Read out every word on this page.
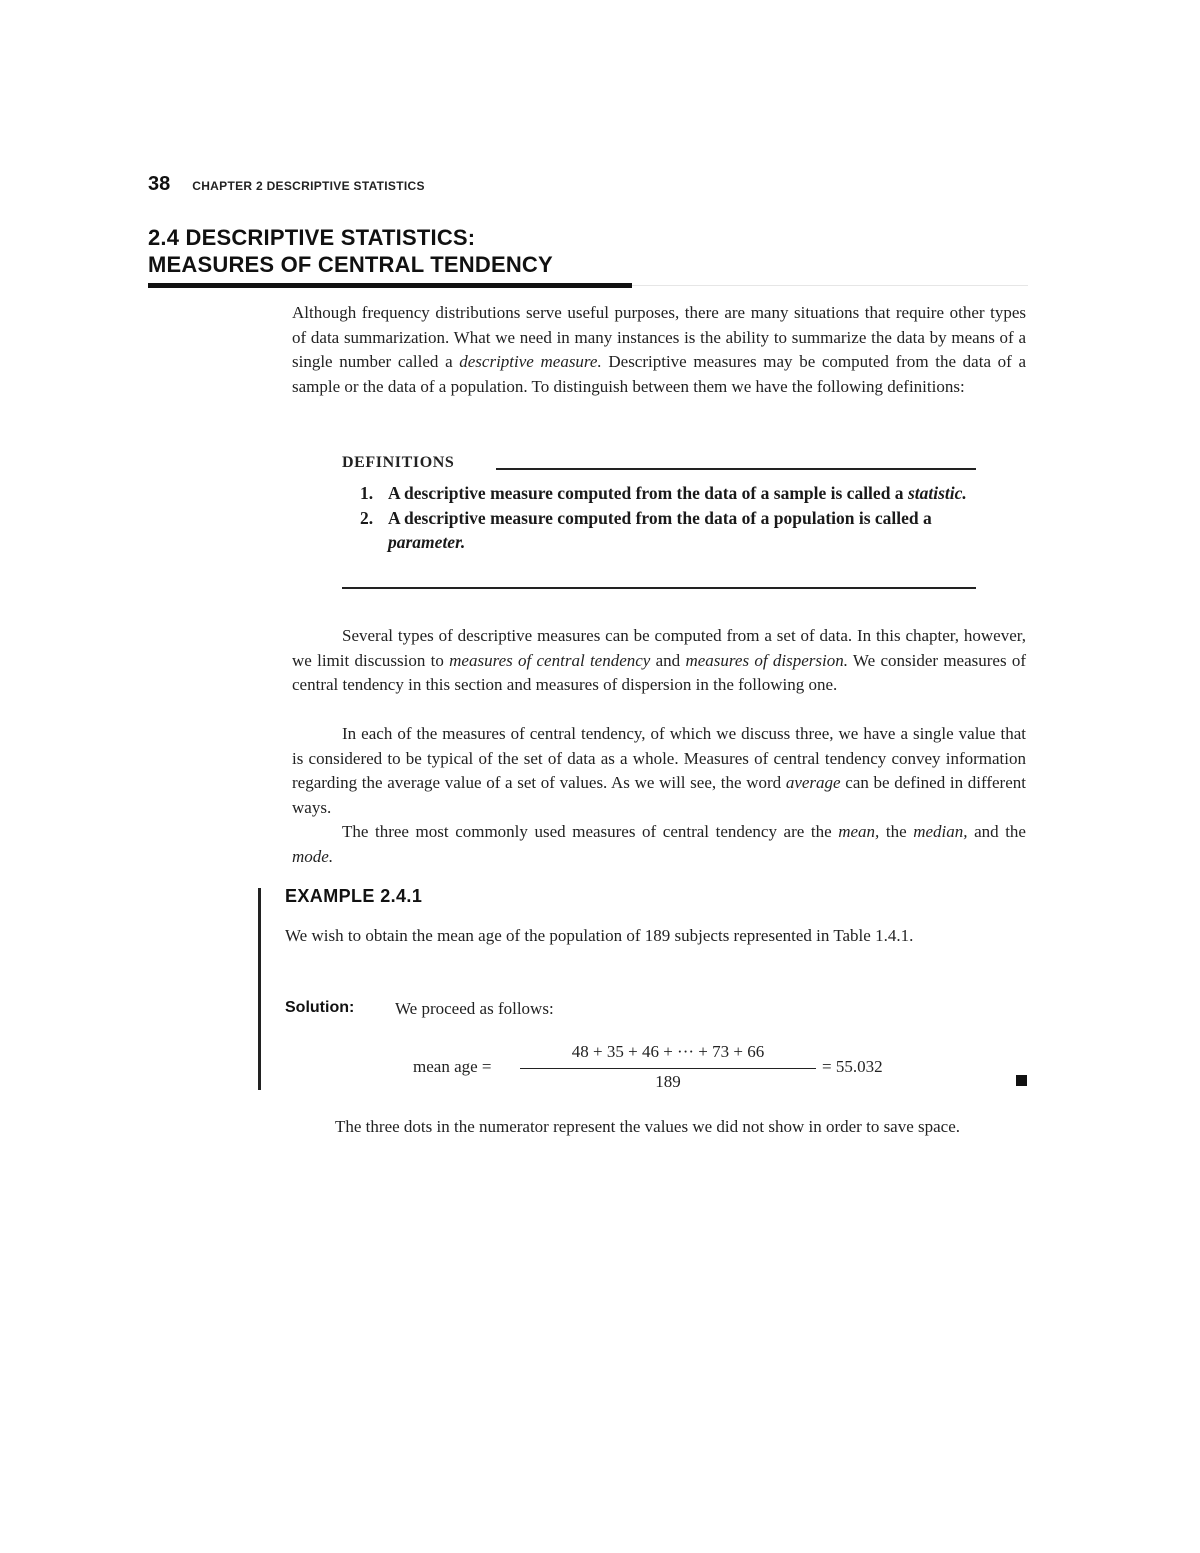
38 CHAPTER 2 DESCRIPTIVE STATISTICS
2.4 DESCRIPTIVE STATISTICS:
MEASURES OF CENTRAL TENDENCY
Although frequency distributions serve useful purposes, there are many situations that require other types of data summarization. What we need in many instances is the ability to summarize the data by means of a single number called a descriptive measure. Descriptive measures may be computed from the data of a sample or the data of a population. To distinguish between them we have the following definitions:
DEFINITIONS
1. A descriptive measure computed from the data of a sample is called a statistic.
2. A descriptive measure computed from the data of a population is called a parameter.
Several types of descriptive measures can be computed from a set of data. In this chapter, however, we limit discussion to measures of central tendency and measures of dispersion. We consider measures of central tendency in this section and measures of dispersion in the following one.
In each of the measures of central tendency, of which we discuss three, we have a single value that is considered to be typical of the set of data as a whole. Measures of central tendency convey information regarding the average value of a set of values. As we will see, the word average can be defined in different ways.
The three most commonly used measures of central tendency are the mean, the median, and the mode.
EXAMPLE 2.4.1
We wish to obtain the mean age of the population of 189 subjects represented in Table 1.4.1.
Solution: We proceed as follows:
mean age =
48 + 35 + 46 + ··· + 73 + 66
189
= 55.032
The three dots in the numerator represent the values we did not show in order to save space.
